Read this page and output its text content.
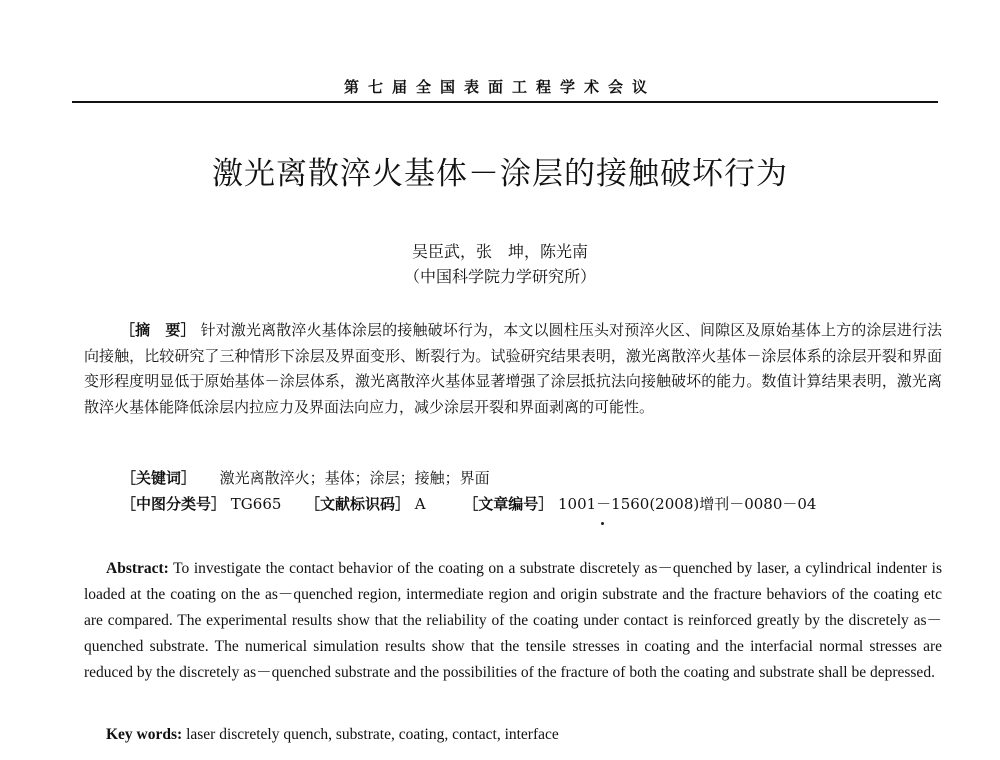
第七届全国表面工程学术会议
激光离散淬火基体－涂层的接触破坏行为
吴臣武，张　坤，陈光南
（中国科学院力学研究所）
［摘　要］ 针对激光离散淬火基体涂层的接触破坏行为，本文以圆柱压头对预淬火区、间隙区及原始基体上方的涂层进行法向接触，比较研究了三种情形下涂层及界面变形、断裂行为。试验研究结果表明，激光离散淬火基体－涂层体系的涂层开裂和界面变形程度明显低于原始基体－涂层体系，激光离散淬火基体显著增强了涂层抵抗法向接触破坏的能力。数值计算结果表明，激光离散淬火基体能降低涂层内拉应力及界面法向应力，减少涂层开裂和界面剥离的可能性。
［关键词］ 激光离散淬火；基体；涂层；接触；界面
［中图分类号］ TG665 ［文献标识码］ A	［文章编号］ 1001－1560(2008)增刊－0080－04
Abstract: To investigate the contact behavior of the coating on a substrate discretely as－quenched by laser, a cylindrical indenter is loaded at the coating on the as－quenched region, intermediate region and origin substrate and the fracture behaviors of the coating etc are compared. The experimental results show that the reliability of the coating under contact is reinforced greatly by the discretely as－quenched substrate. The numerical simulation results show that the tensile stresses in coating and the interfacial normal stresses are reduced by the discretely as－quenched substrate and the possibilities of the fracture of both the coating and substrate shall be depressed.
Key words: laser discretely quench, substrate, coating, contact, interface
